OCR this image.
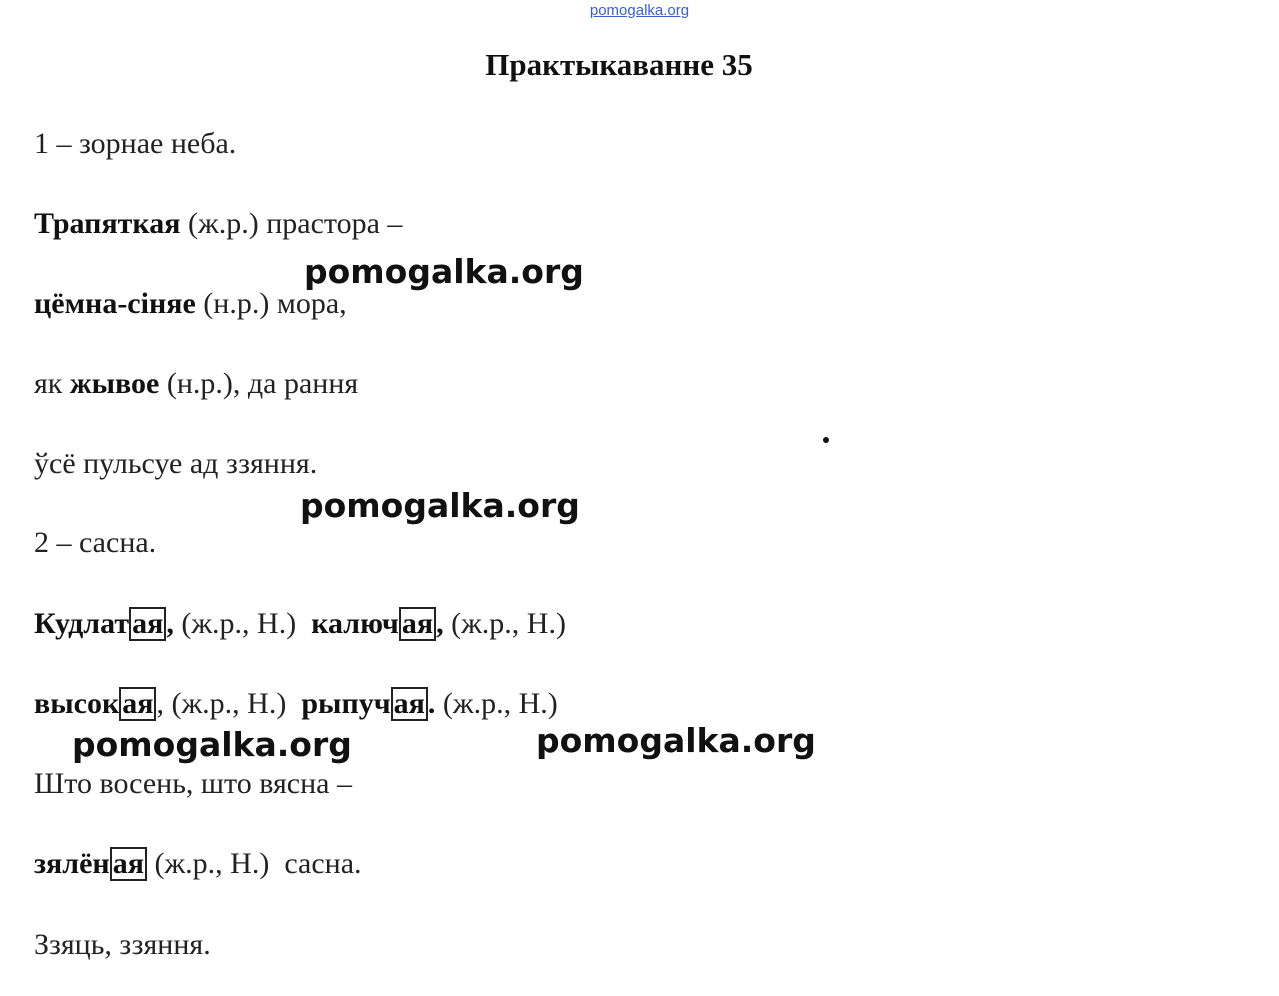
pomogalka.org
Практыкаванне 35
1 – зорнае неба.
Трапяткая (ж.р.) прастора –
цёмна-сіняе (н.р.) мора,
як жывое (н.р.), да рання
ўсё пульсуе ад ззяння.
2 – сасна.
Кудлат ая , (ж.р., Н.)  калюч ая , (ж.р., Н.)
высок ая , (ж.р., Н.)  рыпуч ая . (ж.р., Н.)
Што восень, што вясна –
зялён ая (ж.р., Н.)  сасна.
Ззяць, ззяння.
pomogalka.org
pomogalka.org
pomogalka.org	pomogalka.org
